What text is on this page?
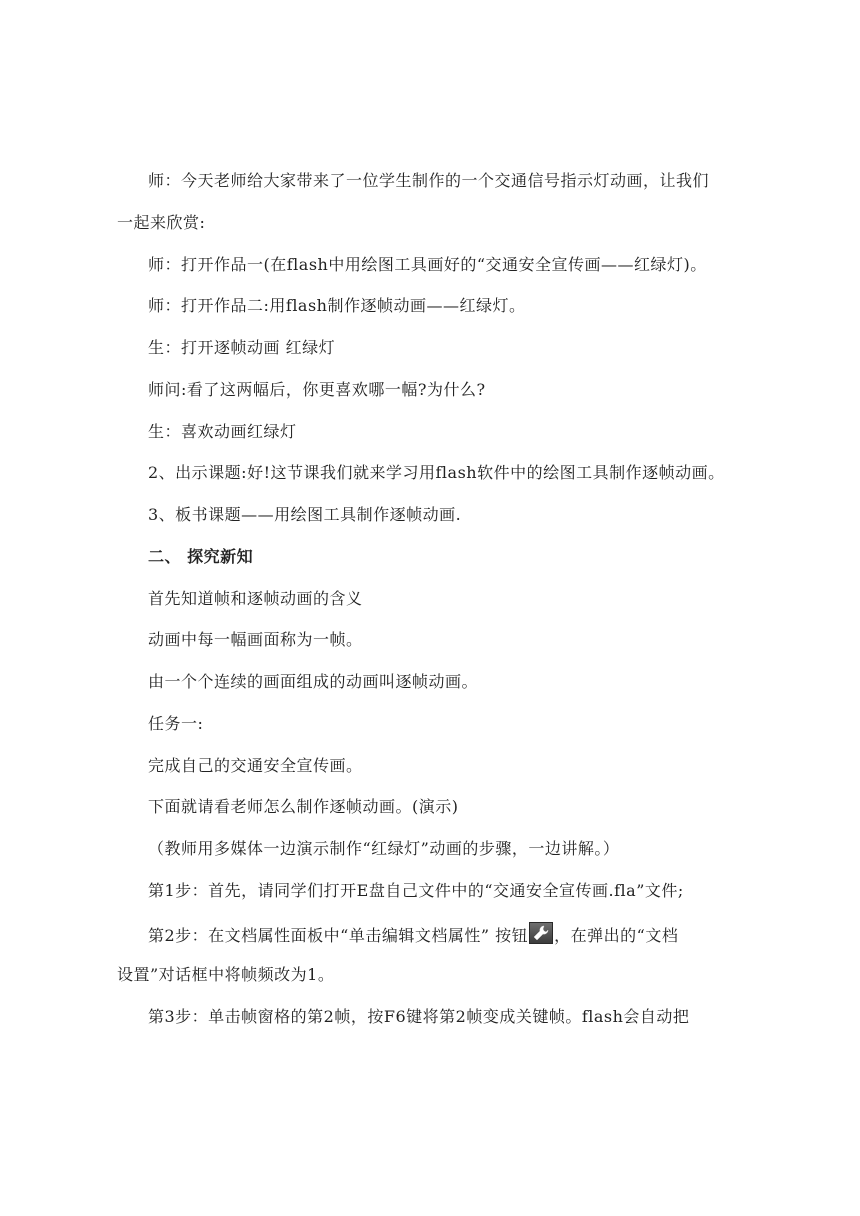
师：今天老师给大家带来了一位学生制作的一个交通信号指示灯动画，让我们
一起来欣赏:
师：打开作品一(在flash中用绘图工具画好的“交通安全宣传画——红绿灯)。
师：打开作品二:用flash制作逐帧动画——红绿灯。
生：打开逐帧动画 红绿灯
师问:看了这两幅后，你更喜欢哪一幅?为什么?
生：喜欢动画红绿灯
2、出示课题:好!这节课我们就来学习用flash软件中的绘图工具制作逐帧动画。
3、板书课题——用绘图工具制作逐帧动画.
二、 探究新知
首先知道帧和逐帧动画的含义
动画中每一幅画面称为一帧。
由一个个连续的画面组成的动画叫逐帧动画。
任务一:
完成自己的交通安全宣传画。
下面就请看老师怎么制作逐帧动画。(演示)
（教师用多媒体一边演示制作“红绿灯”动画的步骤，一边讲解。）
第1步：首先，请同学们打开E盘自己文件中的“交通安全宣传画.fla”文件;
第2步：在文档属性面板中“单击编辑文档属性” 按钮 ，在弹出的“文档
设置”对话框中将帧频改为1。
第3步：单击帧窗格的第2帧，按F6键将第2帧变成关键帧。flash会自动把
